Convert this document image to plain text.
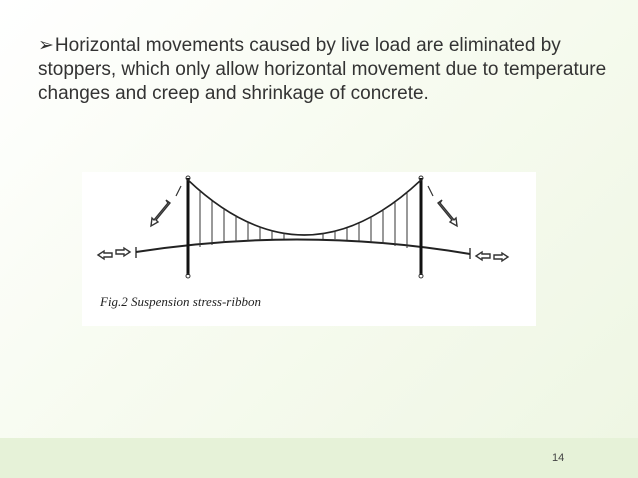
➢Horizontal movements caused by live load are eliminated by stoppers, which only allow horizontal movement due to temperature changes and creep and shrinkage of concrete.
Fig.2 Suspension stress-ribbon
14
